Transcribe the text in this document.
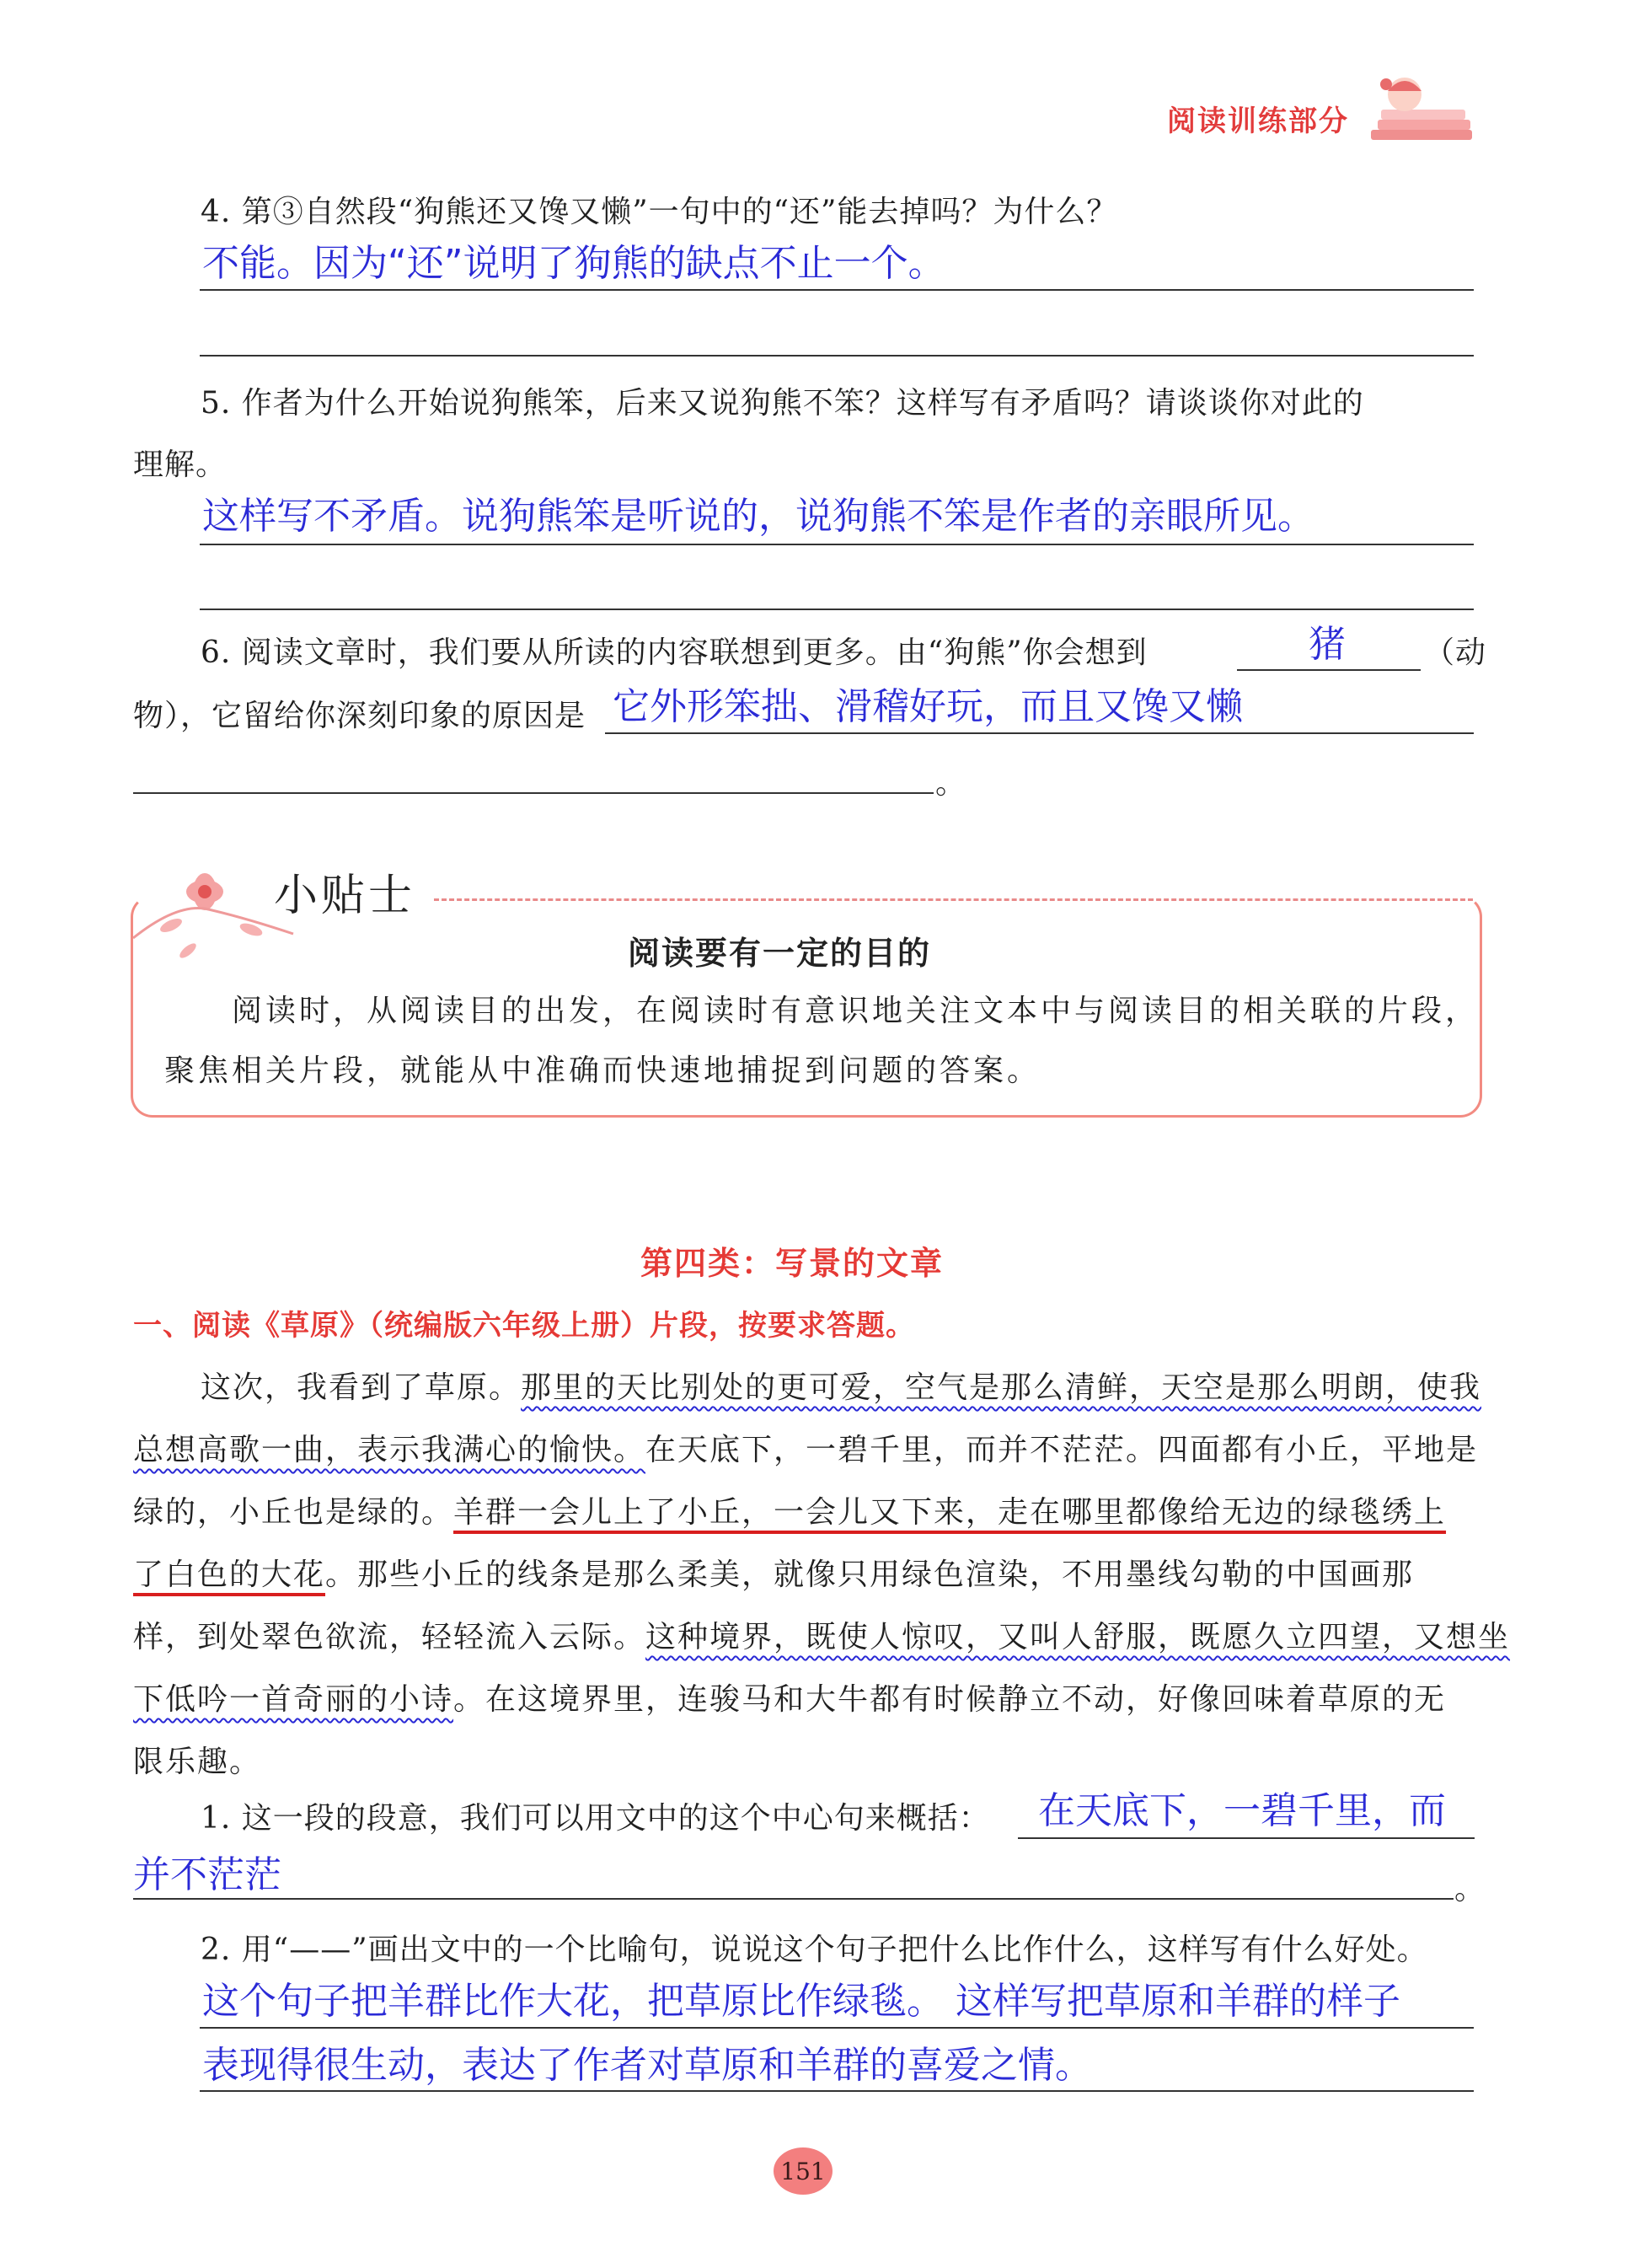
阅读训练部分
4. 第③自然段“狗熊还又馋又懒”一句中的“还”能去掉吗？为什么？
不能。因为“还”说明了狗熊的缺点不止一个。
5. 作者为什么开始说狗熊笨，后来又说狗熊不笨？这样写有矛盾吗？请谈谈你对此的
理解。
这样写不矛盾。说狗熊笨是听说的，说狗熊不笨是作者的亲眼所见。
6. 阅读文章时，我们要从所读的内容联想到更多。由“狗熊”你会想到	猪	（动
物），它留给你深刻印象的原因是 它外形笨拙、滑稽好玩，而且又馋又懒
。
小贴士
阅读要有一定的目的
阅读时，从阅读目的出发，在阅读时有意识地关注文本中与阅读目的相关联的片段，
聚焦相关片段，就能从中准确而快速地捕捉到问题的答案。
第四类：写景的文章
一、阅读《草原》（统编版六年级上册）片段，按要求答题。
这次，我看到了草原。那里的天比别处的更可爱，空气是那么清鲜，天空是那么明朗，使我
总想高歌一曲，表示我满心的愉快。在天底下，一碧千里，而并不茫茫。四面都有小丘，平地是
绿的，小丘也是绿的。羊群一会儿上了小丘，一会儿又下来，走在哪里都像给无边的绿毯绣上
了白色的大花。那些小丘的线条是那么柔美，就像只用绿色渲染，不用墨线勾勒的中国画那
样，到处翠色欲流，轻轻流入云际。这种境界，既使人惊叹，又叫人舒服，既愿久立四望，又想坐
下低吟一首奇丽的小诗。在这境界里，连骏马和大牛都有时候静立不动，好像回味着草原的无
限乐趣。
1. 这一段的段意，我们可以用文中的这个中心句来概括： 在天底下，一碧千里，而
并不茫茫	。
2. 用“——”画出文中的一个比喻句，说说这个句子把什么比作什么，这样写有什么好处。
这个句子把羊群比作大花，把草原比作绿毯。 这样写把草原和羊群的样子
表现得很生动，表达了作者对草原和羊群的喜爱之情。
151
